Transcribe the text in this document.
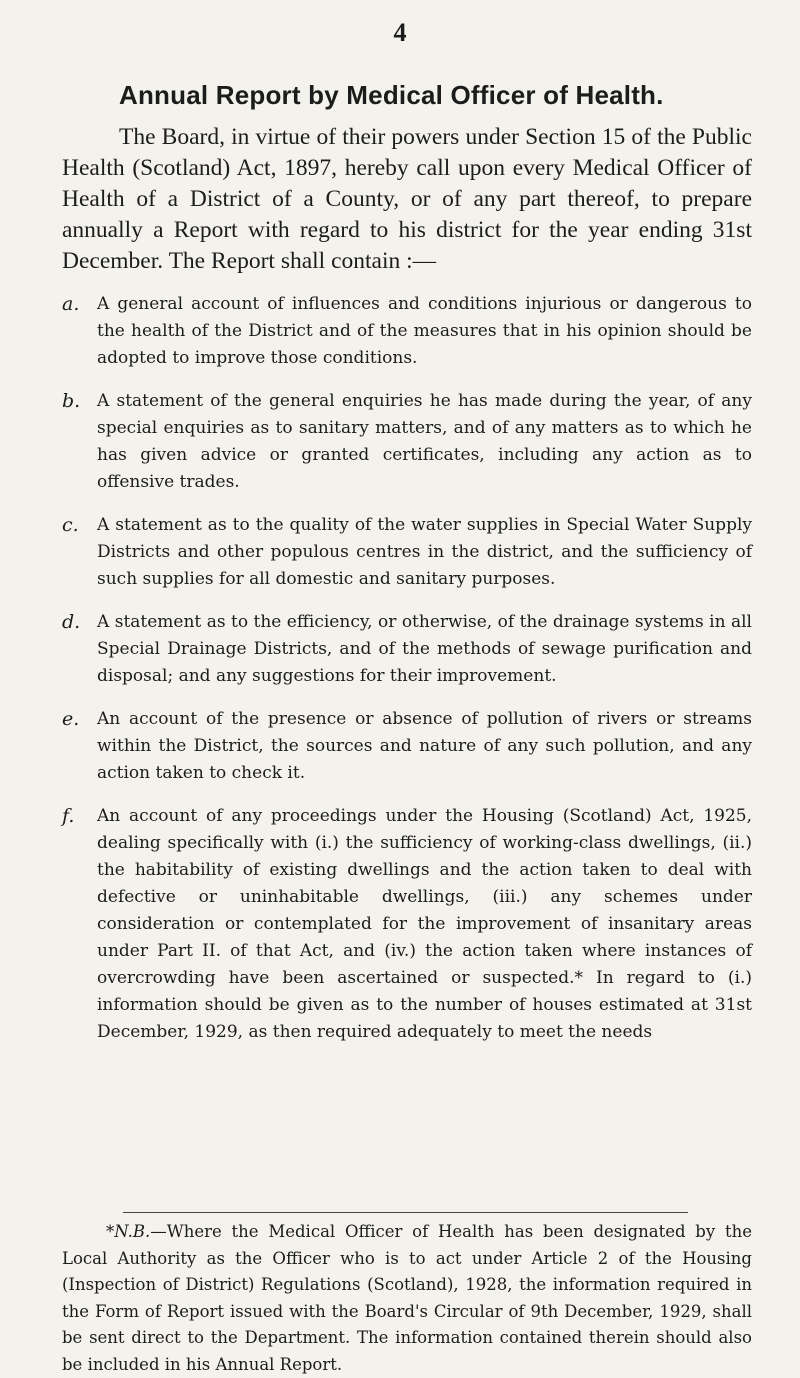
4
Annual Report by Medical Officer of Health.

The Board, in virtue of their powers under Section 15 of the Public Health (Scotland) Act, 1897, hereby call upon every Medical Officer of Health of a District of a County, or of any part thereof, to prepare annually a Report with regard to his district for the year ending 31st December. The Report shall contain :—

a. A general account of influences and conditions injurious or dangerous to the health of the District and of the measures that in his opinion should be adopted to improve those conditions.
b. A statement of the general enquiries he has made during the year, of any special enquiries as to sanitary matters, and of any matters as to which he has given advice or granted certificates, including any action as to offensive trades.
c. A statement as to the quality of the water supplies in Special Water Supply Districts and other populous centres in the district, and the sufficiency of such supplies for all domestic and sanitary purposes.
d. A statement as to the efficiency, or otherwise, of the drainage systems in all Special Drainage Districts, and of the methods of sewage purification and disposal; and any suggestions for their improvement.
e. An account of the presence or absence of pollution of rivers or streams within the District, the sources and nature of any such pollution, and any action taken to check it.
f. An account of any proceedings under the Housing (Scotland) Act, 1925, dealing specifically with (i.) the sufficiency of working-class dwellings, (ii.) the habitability of existing dwellings and the action taken to deal with defective or uninhabitable dwellings, (iii.) any schemes under consideration or contemplated for the improvement of insanitary areas under Part II. of that Act, and (iv.) the action taken where instances of overcrowding have been ascertained or suspected.* In regard to (i.) information should be given as to the number of houses estimated at 31st December, 1929, as then required adequately to meet the needs

*N.B.—Where the Medical Officer of Health has been designated by the Local Authority as the Officer who is to act under Article 2 of the Housing (Inspection of District) Regulations (Scotland), 1928, the information required in the Form of Report issued with the Board's Circular of 9th December, 1929, shall be sent direct to the Department. The information contained therein should also be included in his Annual Report.
